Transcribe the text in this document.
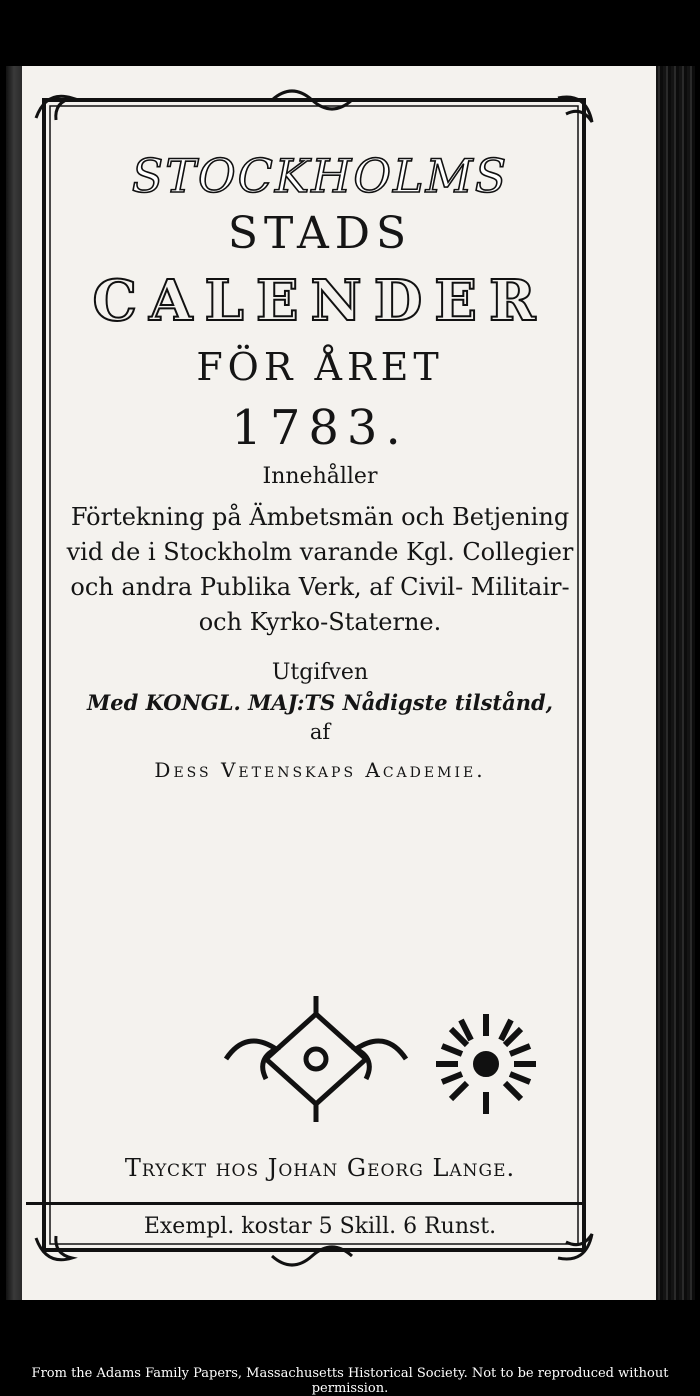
STOCKHOLMS
STADS
CALENDER
FÖR ÅRET
1783.
Innehåller
Förtekning på Ämbetsmän och Betjening vid de i Stockholm varande Kgl. Collegier och andra Publika Verk, af Civil- Militair- och Kyrko-Staterne.
Utgifven
Med KONGL. MAJ:TS Nådigste tilstånd,
af
Dess Vetenskaps Academie.
Tryckt hos Johan Georg Lange.
Exempl. kostar 5 Skill. 6 Runst.
From the Adams Family Papers, Massachusetts Historical Society. Not to be reproduced without permission.
